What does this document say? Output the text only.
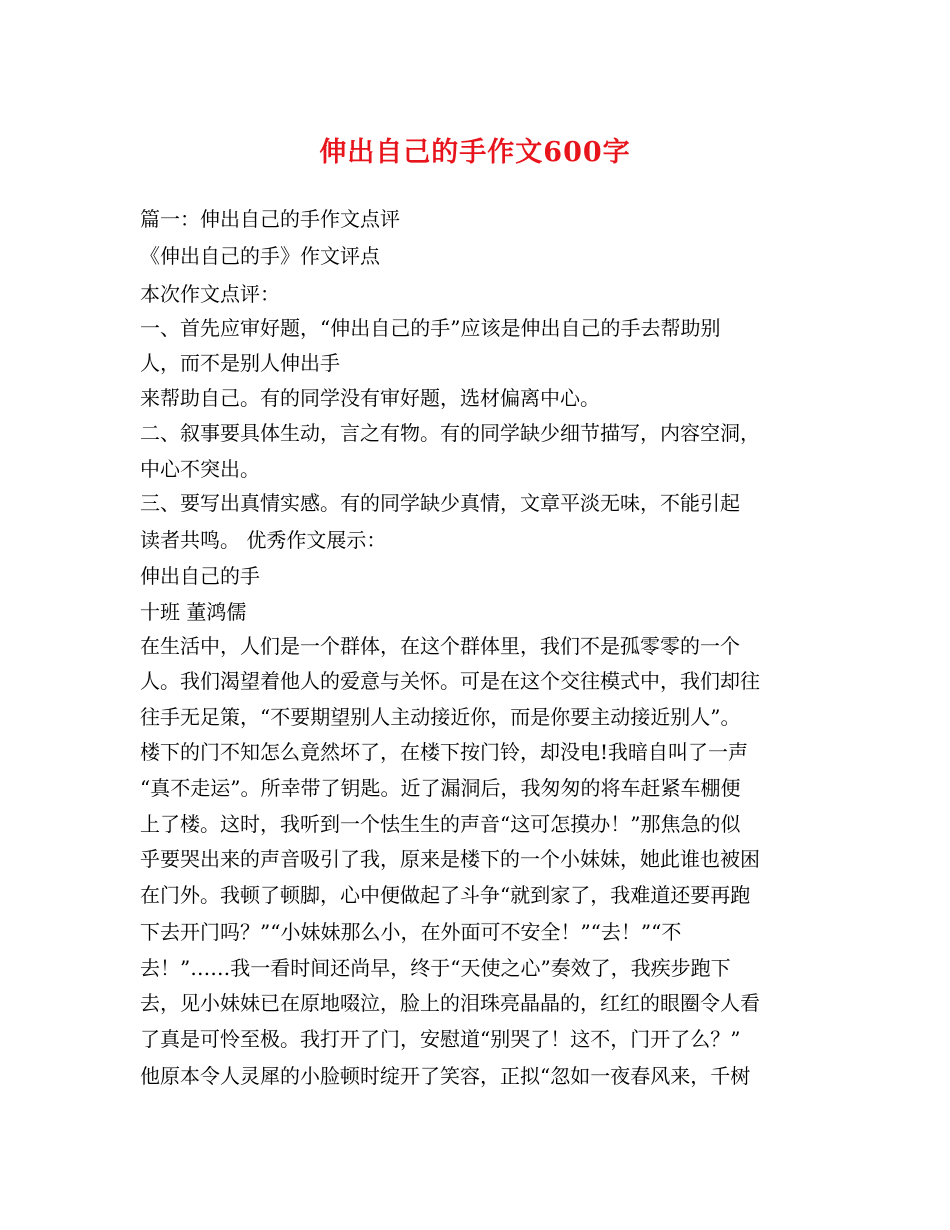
伸出自己的手作文600字
篇一：伸出自己的手作文点评
《伸出自己的手》作文评点
本次作文点评：
一、首先应审好题，“伸出自己的手”应该是伸出自己的手去帮助别
人，而不是别人伸出手
来帮助自己。有的同学没有审好题，选材偏离中心。
二、叙事要具体生动，言之有物。有的同学缺少细节描写，内容空洞，
中心不突出。
三、要写出真情实感。有的同学缺少真情，文章平淡无味，不能引起
读者共鸣。 优秀作文展示：
伸出自己的手
十班 董鸿儒
在生活中，人们是一个群体，在这个群体里，我们不是孤零零的一个
人。我们渴望着他人的爱意与关怀。可是在这个交往模式中，我们却往
往手无足策，“不要期望别人主动接近你，而是你要主动接近别人”。
楼下的门不知怎么竟然坏了，在楼下按门铃，却没电!我暗自叫了一声
“真不走运”。所幸带了钥匙。近了漏洞后，我匆匆的将车赶紧车棚便
上了楼。这时，我听到一个怯生生的声音“这可怎摸办！”那焦急的似
乎要哭出来的声音吸引了我，原来是楼下的一个小妹妹，她此谁也被困
在门外。我顿了顿脚，心中便做起了斗争“就到家了，我难道还要再跑
下去开门吗？”“小妹妹那么小，在外面可不安全！”“去！”“不
去！”……我一看时间还尚早，终于“天使之心”奏效了，我疾步跑下
去，见小妹妹已在原地啜泣，脸上的泪珠亮晶晶的，红红的眼圈令人看
了真是可怜至极。我打开了门，安慰道“别哭了！这不，门开了么？”
他原本令人灵犀的小脸顿时绽开了笑容，正拟“忽如一夜春风来，千树
